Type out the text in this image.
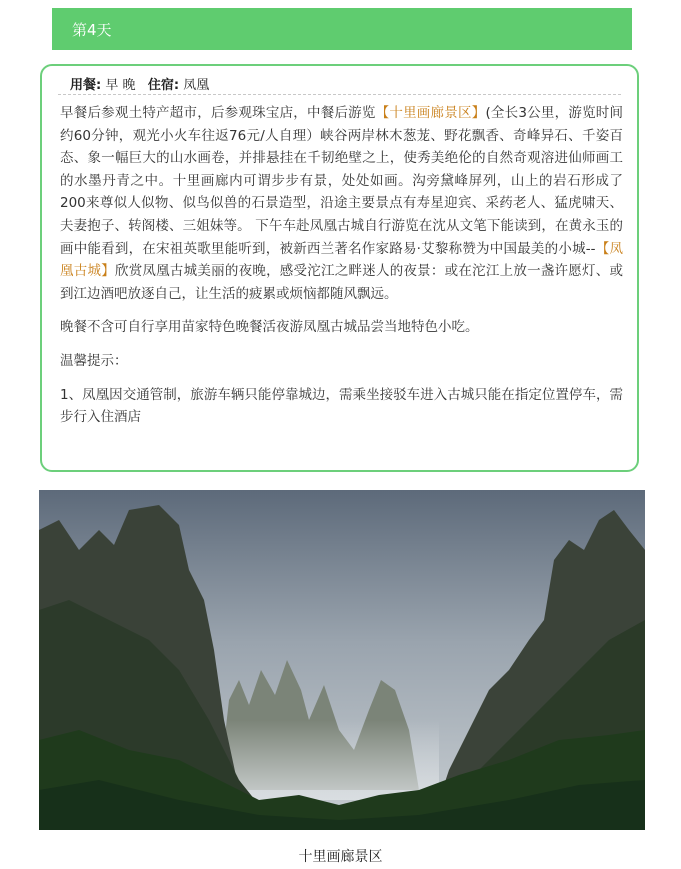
第4天
用餐: 早 晚 住宿: 凤凰

早餐后参观土特产超市，后参观珠宝店，中餐后游览【十里画廊景区】(全长3公里，游览时间约60分钟，观光小火车往返76元/人自理）峡谷两岸林木葱茏、野花飘香、奇峰异石、千姿百态、象一幅巨大的山水画卷，并排悬挂在千韧绝壁之上，使秀美绝伦的自然奇观溶进仙师画工的水墨丹青之中。十里画廊内可谓步步有景，处处如画。沟旁黛峰屏列，山上的岩石形成了200来尊似人似物、似鸟似兽的石景造型，沿途主要景点有寿星迎宾、采药老人、猛虎啸天、夫妻抱子、转阁楼、三姐妹等。 下午车赴凤凰古城自行游览在沈从文笔下能读到，在黄永玉的画中能看到，在宋祖英歌里能听到，被新西兰著名作家路易·艾黎称赞为中国最美的小城--【凤凰古城】欣赏凤凰古城美丽的夜晚，感受沱江之畔迷人的夜景：或在沱江上放一盏许愿灯、或到江边酒吧放逐自己，让生活的疲累或烦恼都随风飘远。

晚餐不含可自行享用苗家特色晚餐活夜游凤凰古城品尝当地特色小吃。

温馨提示：

1、凤凰因交通管制，旅游车辆只能停靠城边，需乘坐接驳车进入古城只能在指定位置停车，需步行入住酒店

十里画廊景区
